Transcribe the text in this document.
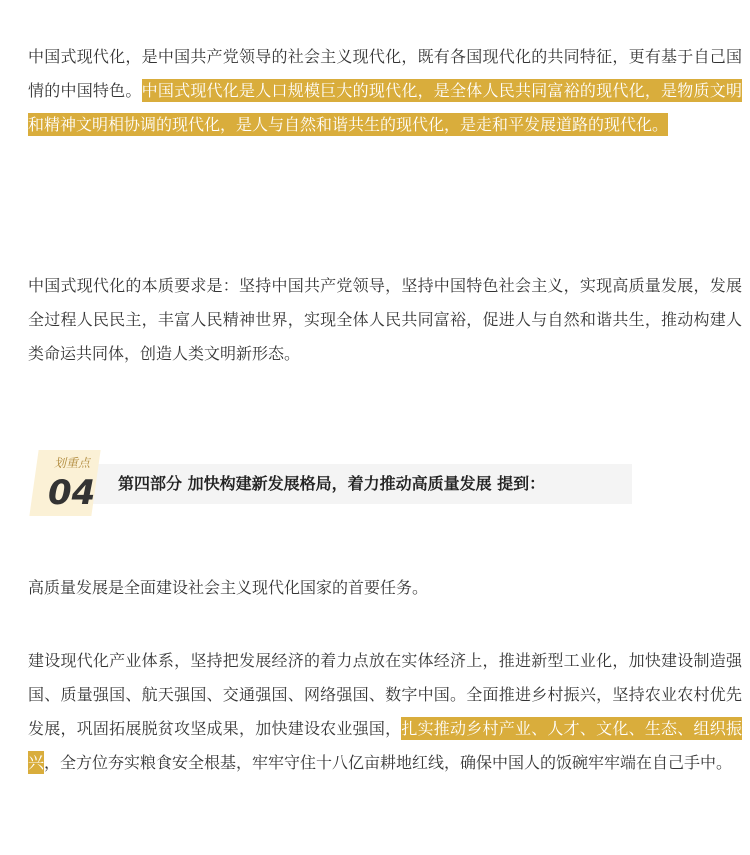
中国式现代化，是中国共产党领导的社会主义现代化，既有各国现代化的共同特征，更有基于自己国情的中国特色。中国式现代化是人口规模巨大的现代化，是全体人民共同富裕的现代化，是物质文明和精神文明相协调的现代化，是人与自然和谐共生的现代化，是走和平发展道路的现代化。

中国式现代化的本质要求是：坚持中国共产党领导，坚持中国特色社会主义，实现高质量发展，发展全过程人民民主，丰富人民精神世界，实现全体人民共同富裕，促进人与自然和谐共生，推动构建人类命运共同体，创造人类文明新形态。

划重点
04 第四部分 加快构建新发展格局，着力推动高质量发展 提到：

高质量发展是全面建设社会主义现代化国家的首要任务。

建设现代化产业体系，坚持把发展经济的着力点放在实体经济上，推进新型工业化，加快建设制造强国、质量强国、航天强国、交通强国、网络强国、数字中国。全面推进乡村振兴，坚持农业农村优先发展，巩固拓展脱贫攻坚成果，加快建设农业强国，扎实推动乡村产业、人才、文化、生态、组织振兴，全方位夯实粮食安全根基，牢牢守住十八亿亩耕地红线，确保中国人的饭碗牢牢端在自己手中。
